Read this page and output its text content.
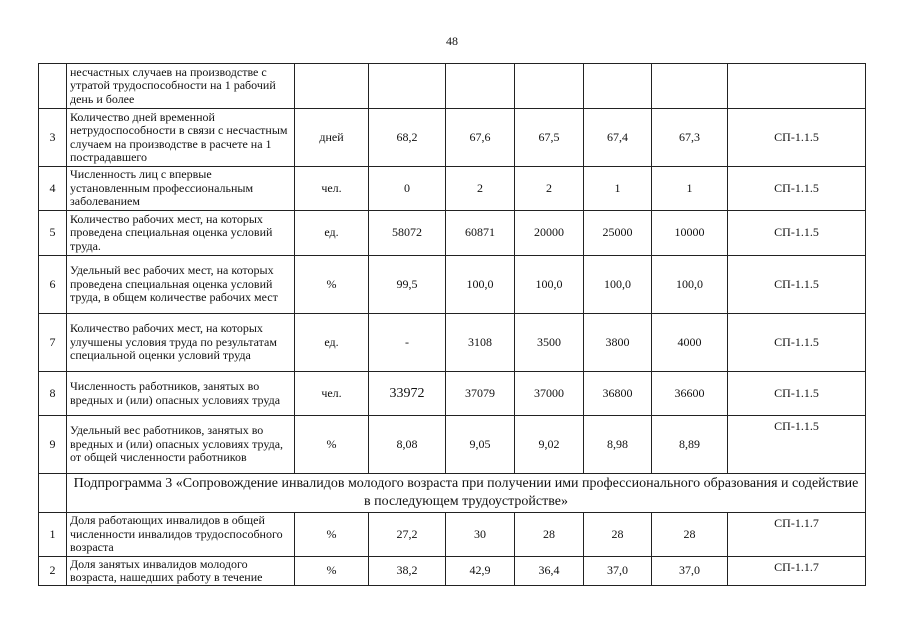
48
	несчастных случаев на производстве с утратой трудоспособности на 1 рабочий день и более							
3	Количество дней временной нетрудоспособности в связи с несчастным случаем на производстве в расчете на 1 пострадавшего	дней	68,2	67,6	67,5	67,4	67,3	СП-1.1.5
4	Численность лиц с впервые установленным профессиональным заболеванием	чел.	0	2	2	1	1	СП-1.1.5
5	Количество рабочих мест, на которых проведена специальная оценка условий труда.	ед.	58072	60871	20000	25000	10000	СП-1.1.5
6	Удельный вес рабочих мест, на которых проведена специальная оценка условий труда, в общем количестве рабочих мест	%	99,5	100,0	100,0	100,0	100,0	СП-1.1.5
7	Количество рабочих мест, на которых улучшены условия труда по результатам специальной оценки условий труда	ед.	-	3108	3500	3800	4000	СП-1.1.5
8	Численность работников, занятых во вредных и (или) опасных условиях труда	чел.	33972	37079	37000	36800	36600	СП-1.1.5
9	Удельный вес работников, занятых во вредных и (или) опасных условиях труда, от общей численности работников	%	8,08	9,05	9,02	8,98	8,89	СП-1.1.5
	Подпрограмма 3 «Сопровождение инвалидов молодого возраста при получении ими профессионального образования и содействие в последующем трудоустройстве»							
1	Доля работающих инвалидов в общей численности инвалидов трудоспособного возраста	%	27,2	30	28	28	28	СП-1.1.7
2	Доля занятых инвалидов молодого возраста, нашедших работу в течение	%	38,2	42,9	36,4	37,0	37,0	СП-1.1.7
